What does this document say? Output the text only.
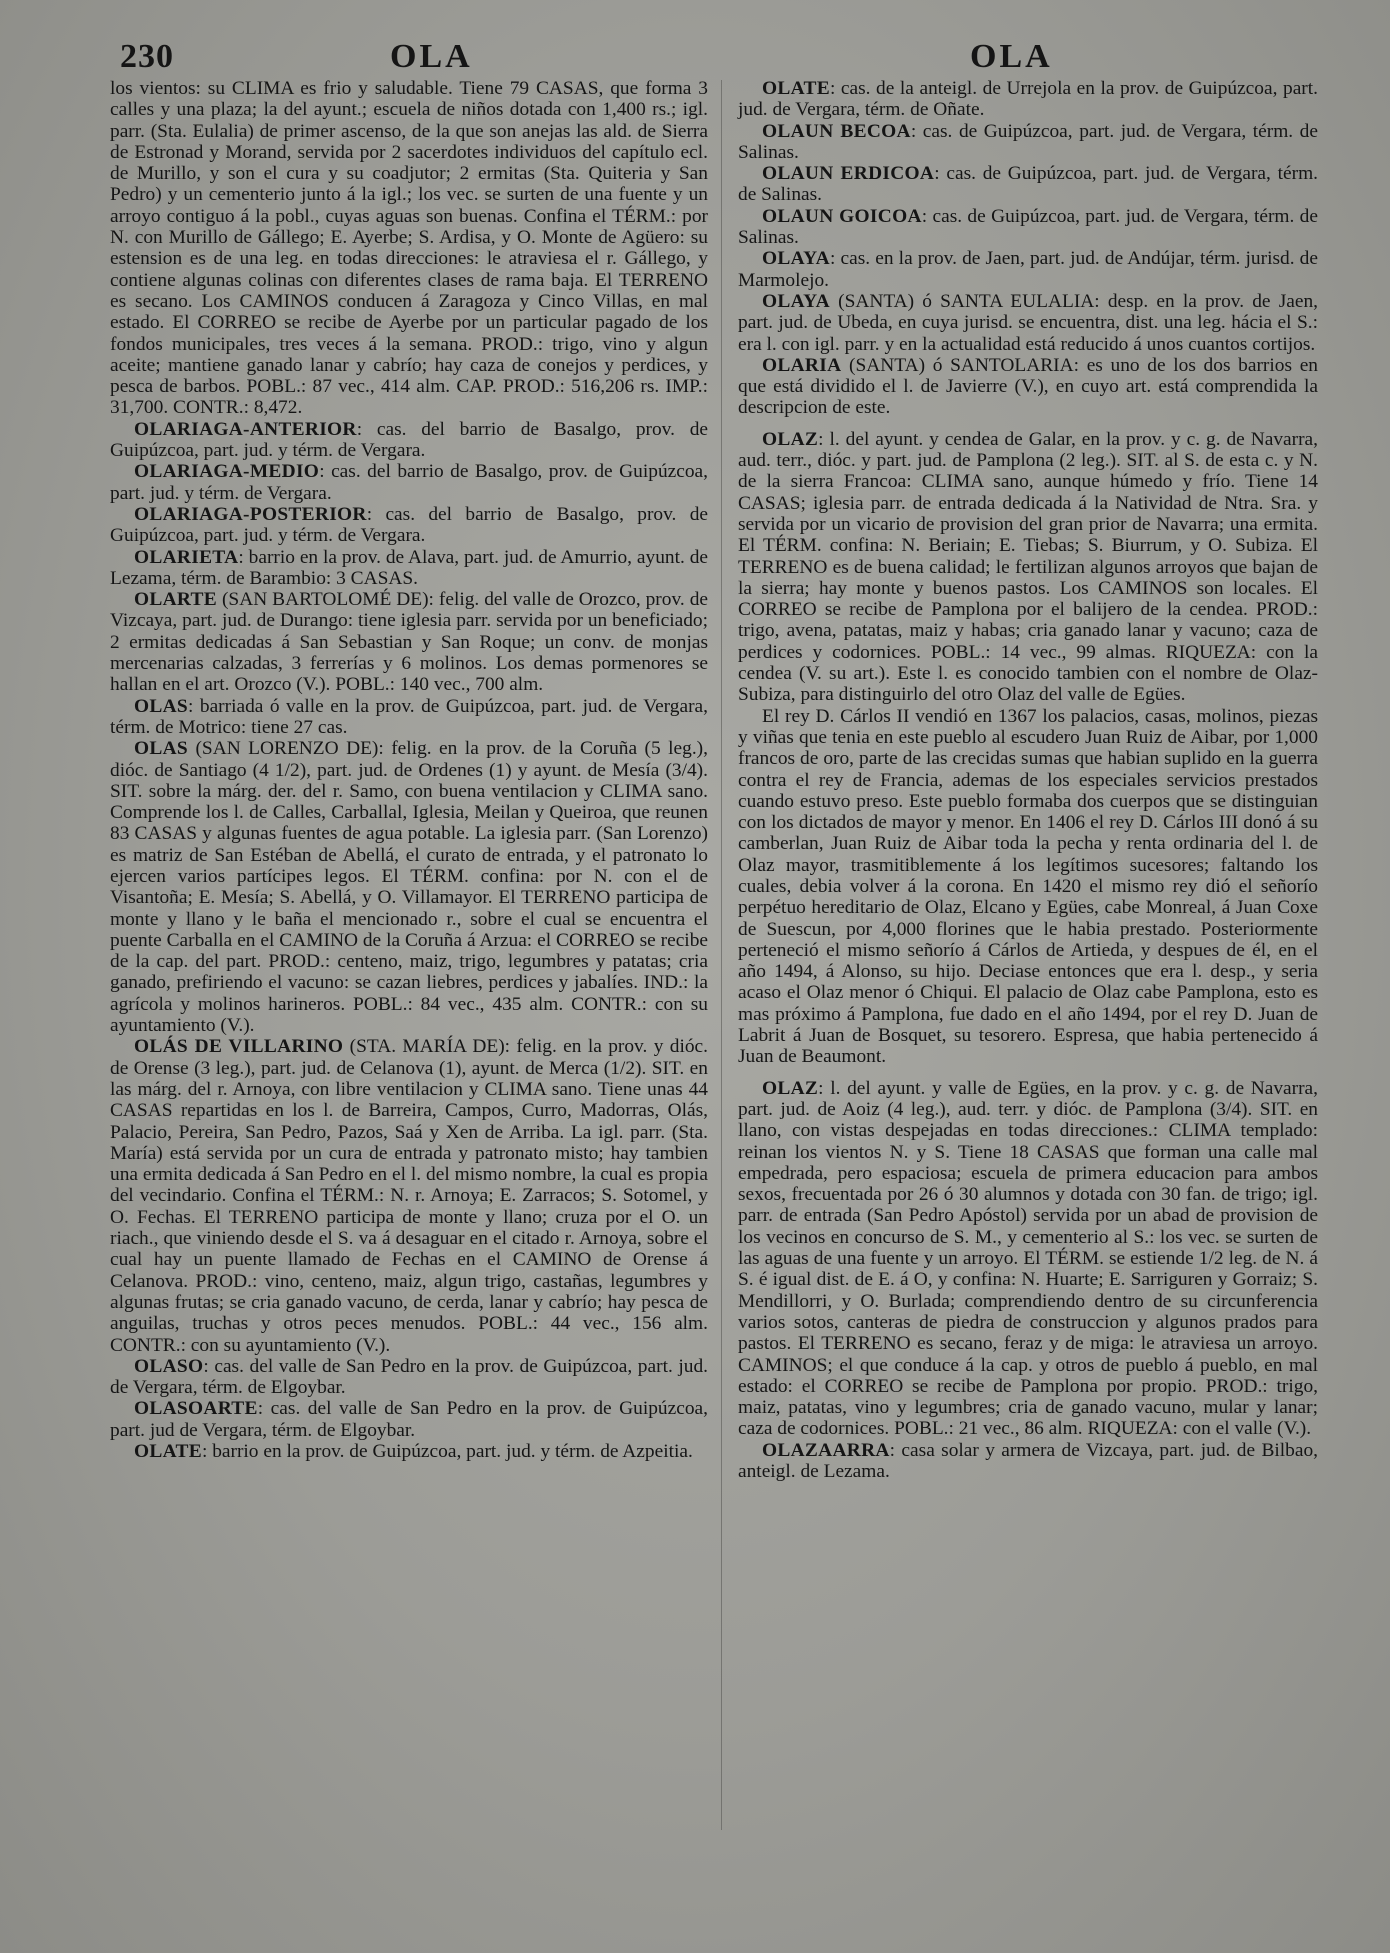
230	OLA	OLA

los vientos: su CLIMA es frio y saludable. Tiene 79 CASAS, que forma 3 calles y una plaza; la del ayunt.; escuela de niños dotada con 1,400 rs.; igl. parr. (Sta. Eulalia) de primer ascenso, de la que son anejas las ald. de Sierra de Estronad y Morand, servida por 2 sacerdotes individuos del capítulo ecl. de Murillo, y son el cura y su coadjutor; 2 ermitas (Sta. Quiteria y San Pedro) y un cementerio junto á la igl.; los vec. se surten de una fuente y un arroyo contiguo á la pobl., cuyas aguas son buenas. Confina el TÉRM.: por N. con Murillo de Gállego; E. Ayerbe; S. Ardisa, y O. Monte de Agüero: su estension es de una leg. en todas direcciones: le atraviesa el r. Gállego, y contiene algunas colinas con diferentes clases de rama baja. El TERRENO es secano. Los CAMINOS conducen á Zaragoza y Cinco Villas, en mal estado. El CORREO se recibe de Ayerbe por un particular pagado de los fondos municipales, tres veces á la semana. PROD.: trigo, vino y algun aceite; mantiene ganado lanar y cabrío; hay caza de conejos y perdices, y pesca de barbos. POBL.: 87 vec., 414 alm. CAP. PROD.: 516,206 rs. IMP.: 31,700. CONTR.: 8,472.

OLARIAGA-ANTERIOR: cas. del barrio de Basalgo, prov. de Guipúzcoa, part. jud. y térm. de Vergara.

OLARIAGA-MEDIO: cas. del barrio de Basalgo, prov. de Guipúzcoa, part. jud. y térm. de Vergara.

OLARIAGA-POSTERIOR: cas. del barrio de Basalgo, prov. de Guipúzcoa, part. jud. y térm. de Vergara.

OLARIETA: barrio en la prov. de Alava, part. jud. de Amurrio, ayunt. de Lezama, térm. de Barambio: 3 CASAS.

OLARTE (SAN BARTOLOMÉ DE): felig. del valle de Orozco, prov. de Vizcaya, part. jud. de Durango: tiene iglesia parr. servida por un beneficiado; 2 ermitas dedicadas á San Sebastian y San Roque; un conv. de monjas mercenarias calzadas, 3 ferrerías y 6 molinos. Los demas pormenores se hallan en el art. Orozco (V.). POBL.: 140 vec., 700 alm.

OLAS: barriada ó valle en la prov. de Guipúzcoa, part. jud. de Vergara, térm. de Motrico: tiene 27 cas.

OLAS (SAN LORENZO DE): felig. en la prov. de la Coruña (5 leg.), dióc. de Santiago (4 1/2), part. jud. de Ordenes (1) y ayunt. de Mesía (3/4). SIT. sobre la márg. der. del r. Samo, con buena ventilacion y CLIMA sano. Comprende los l. de Calles, Carballal, Iglesia, Meilan y Queiroa, que reunen 83 CASAS y algunas fuentes de agua potable. La iglesia parr. (San Lorenzo) es matriz de San Estéban de Abellá, el curato de entrada, y el patronato lo ejercen varios partícipes legos. El TÉRM. confina: por N. con el de Visantoña; E. Mesía; S. Abellá, y O. Villamayor. El TERRENO participa de monte y llano y le baña el mencionado r., sobre el cual se encuentra el puente Carballa en el CAMINO de la Coruña á Arzua: el CORREO se recibe de la cap. del part. PROD.: centeno, maiz, trigo, legumbres y patatas; cria ganado, prefiriendo el vacuno: se cazan liebres, perdices y jabalíes. IND.: la agrícola y molinos harineros. POBL.: 84 vec., 435 alm. CONTR.: con su ayuntamiento (V.).

OLÁS DE VILLARINO (STA. MARÍA DE): felig. en la prov. y dióc. de Orense (3 leg.), part. jud. de Celanova (1), ayunt. de Merca (1/2). SIT. en las márg. del r. Arnoya, con libre ventilacion y CLIMA sano. Tiene unas 44 CASAS repartidas en los l. de Barreira, Campos, Curro, Madorras, Olás, Palacio, Pereira, San Pedro, Pazos, Saá y Xen de Arriba. La igl. parr. (Sta. María) está servida por un cura de entrada y patronato misto; hay tambien una ermita dedicada á San Pedro en el l. del mismo nombre, la cual es propia del vecindario. Confina el TÉRM.: N. r. Arnoya; E. Zarracos; S. Sotomel, y O. Fechas. El TERRENO participa de monte y llano; cruza por el O. un riach., que viniendo desde el S. va á desaguar en el citado r. Arnoya, sobre el cual hay un puente llamado de Fechas en el CAMINO de Orense á Celanova. PROD.: vino, centeno, maiz, algun trigo, castañas, legumbres y algunas frutas; se cria ganado vacuno, de cerda, lanar y cabrío; hay pesca de anguilas, truchas y otros peces menudos. POBL.: 44 vec., 156 alm. CONTR.: con su ayuntamiento (V.).

OLASO: cas. del valle de San Pedro en la prov. de Guipúzcoa, part. jud. de Vergara, térm. de Elgoybar.

OLASOARTE: cas. del valle de San Pedro en la prov. de Guipúzcoa, part. jud de Vergara, térm. de Elgoybar.

OLATE: barrio en la prov. de Guipúzcoa, part. jud. y térm. de Azpeitia.

OLATE: cas. de la anteigl. de Urrejola en la prov. de Guipúzcoa, part. jud. de Vergara, térm. de Oñate.

OLAUN BECOA: cas. de Guipúzcoa, part. jud. de Vergara, térm. de Salinas.

OLAUN ERDICOA: cas. de Guipúzcoa, part. jud. de Vergara, térm. de Salinas.

OLAUN GOICOA: cas. de Guipúzcoa, part. jud. de Vergara, térm. de Salinas.

OLAYA: cas. en la prov. de Jaen, part. jud. de Andújar, térm. jurisd. de Marmolejo.

OLAYA (SANTA) ó SANTA EULALIA: desp. en la prov. de Jaen, part. jud. de Ubeda, en cuya jurisd. se encuentra, dist. una leg. hácia el S.: era l. con igl. parr. y en la actualidad está reducido á unos cuantos cortijos.

OLARIA (SANTA) ó SANTOLARIA: es uno de los dos barrios en que está dividido el l. de Javierre (V.), en cuyo art. está comprendida la descripcion de este.

OLAZ: l. del ayunt. y cendea de Galar, en la prov. y c. g. de Navarra, aud. terr., dióc. y part. jud. de Pamplona (2 leg.). SIT. al S. de esta c. y N. de la sierra Francoa: CLIMA sano, aunque húmedo y frío. Tiene 14 CASAS; iglesia parr. de entrada dedicada á la Natividad de Ntra. Sra. y servida por un vicario de provision del gran prior de Navarra; una ermita. El TÉRM. confina: N. Beriain; E. Tiebas; S. Biurrum, y O. Subiza. El TERRENO es de buena calidad; le fertilizan algunos arroyos que bajan de la sierra; hay monte y buenos pastos. Los CAMINOS son locales. El CORREO se recibe de Pamplona por el balijero de la cendea. PROD.: trigo, avena, patatas, maiz y habas; cria ganado lanar y vacuno; caza de perdices y codornices. POBL.: 14 vec., 99 almas. RIQUEZA: con la cendea (V. su art.). Este l. es conocido tambien con el nombre de Olaz-Subiza, para distinguirlo del otro Olaz del valle de Egües.

El rey D. Cárlos II vendió en 1367 los palacios, casas, molinos, piezas y viñas que tenia en este pueblo al escudero Juan Ruiz de Aibar, por 1,000 francos de oro, parte de las crecidas sumas que habian suplido en la guerra contra el rey de Francia, ademas de los especiales servicios prestados cuando estuvo preso. Este pueblo formaba dos cuerpos que se distinguian con los dictados de mayor y menor. En 1406 el rey D. Cárlos III donó á su camberlan, Juan Ruiz de Aibar toda la pecha y renta ordinaria del l. de Olaz mayor, trasmitiblemente á los legítimos sucesores; faltando los cuales, debia volver á la corona. En 1420 el mismo rey dió el señorío perpétuo hereditario de Olaz, Elcano y Egües, cabe Monreal, á Juan Coxe de Suescun, por 4,000 florines que le habia prestado. Posteriormente perteneció el mismo señorío á Cárlos de Artieda, y despues de él, en el año 1494, á Alonso, su hijo. Deciase entonces que era l. desp., y seria acaso el Olaz menor ó Chiqui. El palacio de Olaz cabe Pamplona, esto es mas próximo á Pamplona, fue dado en el año 1494, por el rey D. Juan de Labrit á Juan de Bosquet, su tesorero. Espresa, que habia pertenecido á Juan de Beaumont.

OLAZ: l. del ayunt. y valle de Egües, en la prov. y c. g. de Navarra, part. jud. de Aoiz (4 leg.), aud. terr. y dióc. de Pamplona (3/4). SIT. en llano, con vistas despejadas en todas direcciones.: CLIMA templado: reinan los vientos N. y S. Tiene 18 CASAS que forman una calle mal empedrada, pero espaciosa; escuela de primera educacion para ambos sexos, frecuentada por 26 ó 30 alumnos y dotada con 30 fan. de trigo; igl. parr. de entrada (San Pedro Apóstol) servida por un abad de provision de los vecinos en concurso de S. M., y cementerio al S.: los vec. se surten de las aguas de una fuente y un arroyo. El TÉRM. se estiende 1/2 leg. de N. á S. é igual dist. de E. á O, y confina: N. Huarte; E. Sarriguren y Gorraiz; S. Mendillorri, y O. Burlada; comprendiendo dentro de su circunferencia varios sotos, canteras de piedra de construccion y algunos prados para pastos. El TERRENO es secano, feraz y de miga: le atraviesa un arroyo. CAMINOS; el que conduce á la cap. y otros de pueblo á pueblo, en mal estado: el CORREO se recibe de Pamplona por propio. PROD.: trigo, maiz, patatas, vino y legumbres; cria de ganado vacuno, mular y lanar; caza de codornices. POBL.: 21 vec., 86 alm. RIQUEZA: con el valle (V.).

OLAZAARRA: casa solar y armera de Vizcaya, part. jud. de Bilbao, anteigl. de Lezama.
